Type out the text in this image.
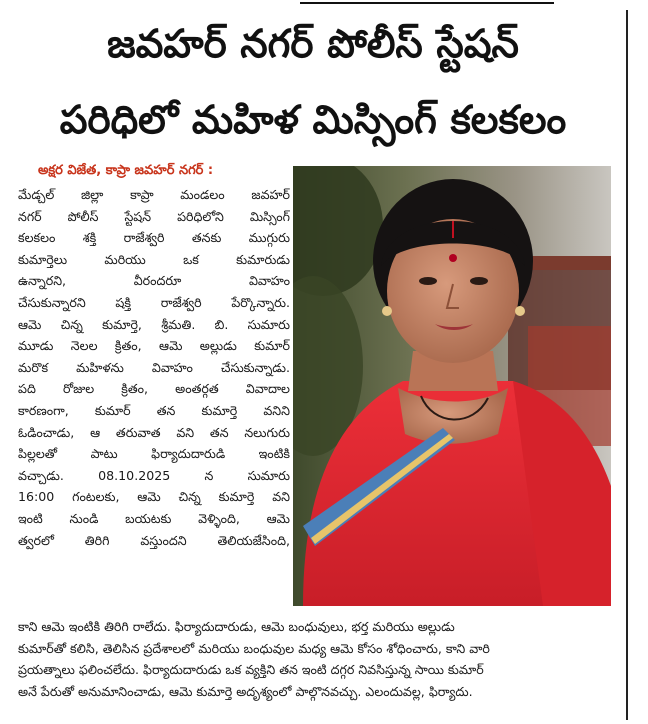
జవహర్ నగర్ పోలీస్ స్టేషన్
పరిధిలో మహిళ మిస్సింగ్ కలకలం
అక్షర విజేత, కాప్రా జవహర్ నగర్ :
మేడ్చల్ జిల్లా కాప్రా మండలం జవహర్
నగర్ పోలీస్ స్టేషన్ పరిధిలోని మిస్సింగ్
కలకలం శక్తి రాజేశ్వరి తనకు ముగ్గురు
కుమార్తెలు మరియు ఒక కుమారుడు
ఉన్నారని, వీరందరూ వివాహం
చేసుకున్నారని షక్తి రాజేశ్వరి పేర్కొన్నారు.
ఆమె చిన్న కుమార్తె, శ్రీమతి. బి. సుమారు
మూడు నెలల క్రితం, ఆమె అల్లుడు కుమార్
మరొక మహిళను వివాహం చేసుకున్నాడు.
పది రోజుల క్రితం, అంతర్గత వివాదాల
కారణంగా, కుమార్ తన కుమార్తె వనిని
ఓడించాడు, ఆ తరువాత వని తన నలుగురు
పిల్లలతో పాటు ఫిర్యాదుదారుడి ఇంటికి
వచ్చాడు. 08.10.2025 న సుమారు
16:00 గంటలకు, ఆమె చిన్న కుమార్తె వని
ఇంటి నుండి బయటకు వెళ్ళింది, ఆమె
త్వరలో తిరిగి వస్తుందని తెలియజేసింది,
కాని ఆమె ఇంటికి తిరిగి రాలేదు. ఫిర్యాదుదారుడు, ఆమె బంధువులు, భర్త మరియు అల్లుడు
కుమార్‌తో కలిసి, తెలిసిన ప్రదేశాలలో మరియు బంధువుల మధ్య ఆమె కోసం శోధించారు, కాని వారి
ప్రయత్నాలు ఫలించలేదు. ఫిర్యాదుదారుడు ఒక వ్యక్తిని తన ఇంటి దగ్గర నివసిస్తున్న సాయి కుమార్
అనే పేరుతో అనుమానించాడు, ఆమె కుమార్తె అదృశ్యంలో పాల్గొనవచ్చు. ఎలందువల్ల, ఫిర్యాదు.
